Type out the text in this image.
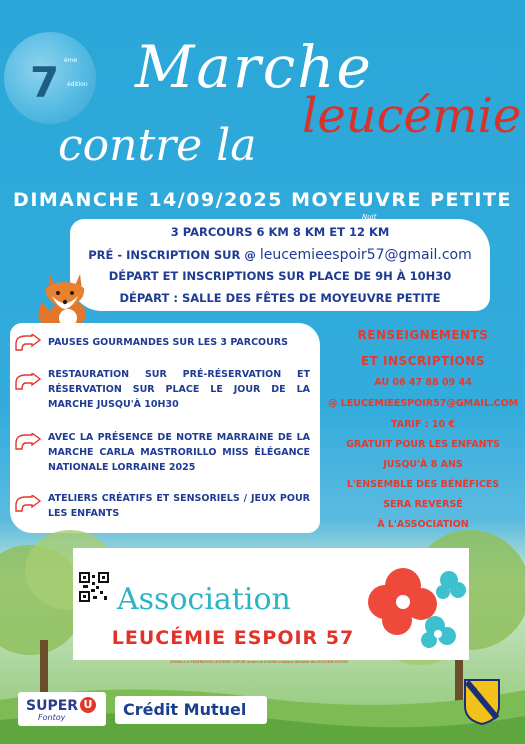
7 ème
édition Marche
leucémie
contre la
DIMANCHE 14/09/2025 MOYEUVRE PETITE
3 PARCOURS 6 KM 8 KM ET 12 KM
PRÉ - INSCRIPTION SUR @ leucemieespoir57@gmail.com
DÉPART ET INSCRIPTIONS SUR PLACE DE 9H À 10H30
DÉPART : SALLE DES FÊTES DE MOYEUVRE PETITE
Nuit
PAUSES GOURMANDES SUR LES 3 PARCOURS
RESTAURATION SUR PRÉ-RÉSERVATION ET RÉSERVATION SUR PLACE LE JOUR DE LA MARCHE JUSQU'À 10H30
AVEC LA PRÉSENCE DE NOTRE MARRAINE DE LA MARCHE CARLA MASTRORILLO MISS ÉLÉGANCE NATIONALE LORRAINE 2025
ATELIERS CRÉATIFS ET SENSORIELS / JEUX POUR LES ENFANTS
RENSEIGNEMENTS
ET INSCRIPTIONS
AU 06 47 88 09 44
@ LEUCEMIEESPOIR57@GMAIL.COM
TARIF : 10 €
GRATUIT POUR LES ENFANTS
JUSQU'À 8 ANS
L'ENSEMBLE DES BÉNÉFICES
SERA REVERSÉ
À L'ASSOCIATION
Association
LEUCÉMIE ESPOIR 57
Affiliée à la FEDERATION LEUCEMIE ESPOIR reconnue d'utilité publique déclarée de LEUCEMIE ESPOIR
SUPER U
Fontoy	Crédit Mutuel
